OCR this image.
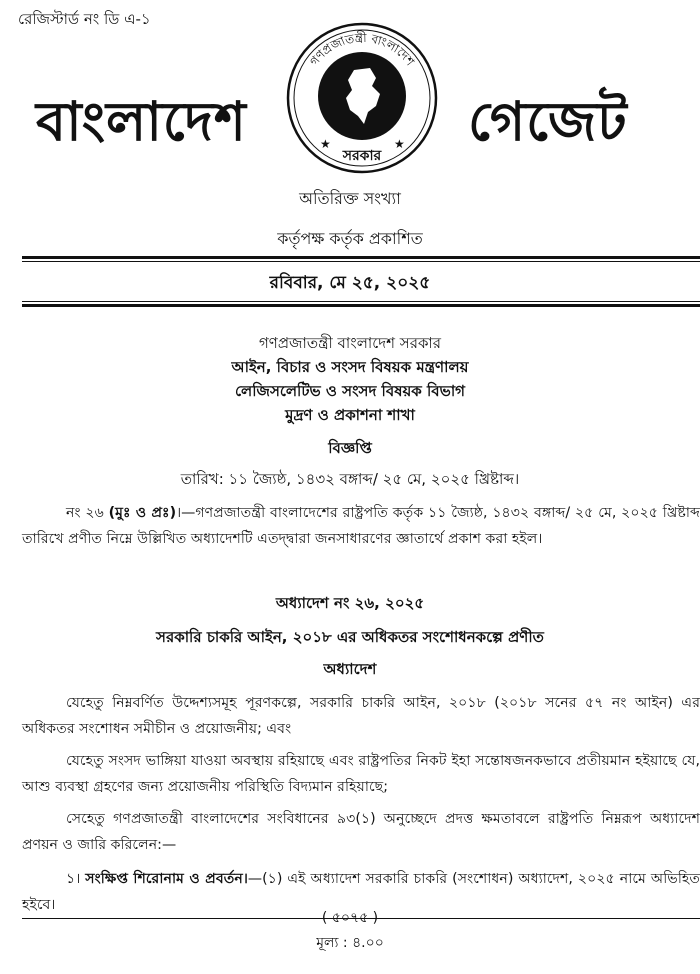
রেজিস্টার্ড নং ডি এ-১
বাংলাদেশ	গেজেট
গণপ্রজাতন্ত্রী বাংলাদেশ
সরকার
★	★
অতিরিক্ত সংখ্যা
কর্তৃপক্ষ কর্তৃক প্রকাশিত
রবিবার, মে ২৫, ২০২৫
গণপ্রজাতন্ত্রী বাংলাদেশ সরকার
আইন, বিচার ও সংসদ বিষয়ক মন্ত্রণালয়
লেজিসলেটিভ ও সংসদ বিষয়ক বিভাগ
মুদ্রণ ও প্রকাশনা শাখা
বিজ্ঞপ্তি
তারিখ: ১১ জ্যৈষ্ঠ, ১৪৩২ বঙ্গাব্দ/ ২৫ মে, ২০২৫ খ্রিষ্টাব্দ।
নং ২৬ (মুঃ ও প্রঃ)।—গণপ্রজাতন্ত্রী বাংলাদেশের রাষ্ট্রপতি কর্তৃক ১১ জ্যৈষ্ঠ, ১৪৩২ বঙ্গাব্দ/ ২৫ মে, ২০২৫ খ্রিষ্টাব্দ তারিখে প্রণীত নিম্নে উল্লিখিত অধ্যাদেশটি এতদ্দ্বারা জনসাধারণের জ্ঞাতার্থে প্রকাশ করা হইল।
অধ্যাদেশ নং ২৬, ২০২৫
সরকারি চাকরি আইন, ২০১৮ এর অধিকতর সংশোধনকল্পে প্রণীত
অধ্যাদেশ
যেহেতু নিম্নবর্ণিত উদ্দেশ্যসমূহ পূরণকল্পে, সরকারি চাকরি আইন, ২০১৮ (২০১৮ সনের ৫৭ নং আইন) এর অধিকতর সংশোধন সমীচীন ও প্রয়োজনীয়; এবং
যেহেতু সংসদ ভাঙ্গিয়া যাওয়া অবস্থায় রহিয়াছে এবং রাষ্ট্রপতির নিকট ইহা সন্তোষজনকভাবে প্রতীয়মান হইয়াছে যে, আশু ব্যবস্থা গ্রহণের জন্য প্রয়োজনীয় পরিস্থিতি বিদ্যমান রহিয়াছে;
সেহেতু গণপ্রজাতন্ত্রী বাংলাদেশের সংবিধানের ৯৩(১) অনুচ্ছেদে প্রদত্ত ক্ষমতাবলে রাষ্ট্রপতি নিম্নরূপ অধ্যাদেশ প্রণয়ন ও জারি করিলেন:—
১। সংক্ষিপ্ত শিরোনাম ও প্রবর্তন।—(১) এই অধ্যাদেশ সরকারি চাকরি (সংশোধন) অধ্যাদেশ, ২০২৫ নামে অভিহিত হইবে।
( ৫০৭৫ )
মূল্য : ৪.০০
